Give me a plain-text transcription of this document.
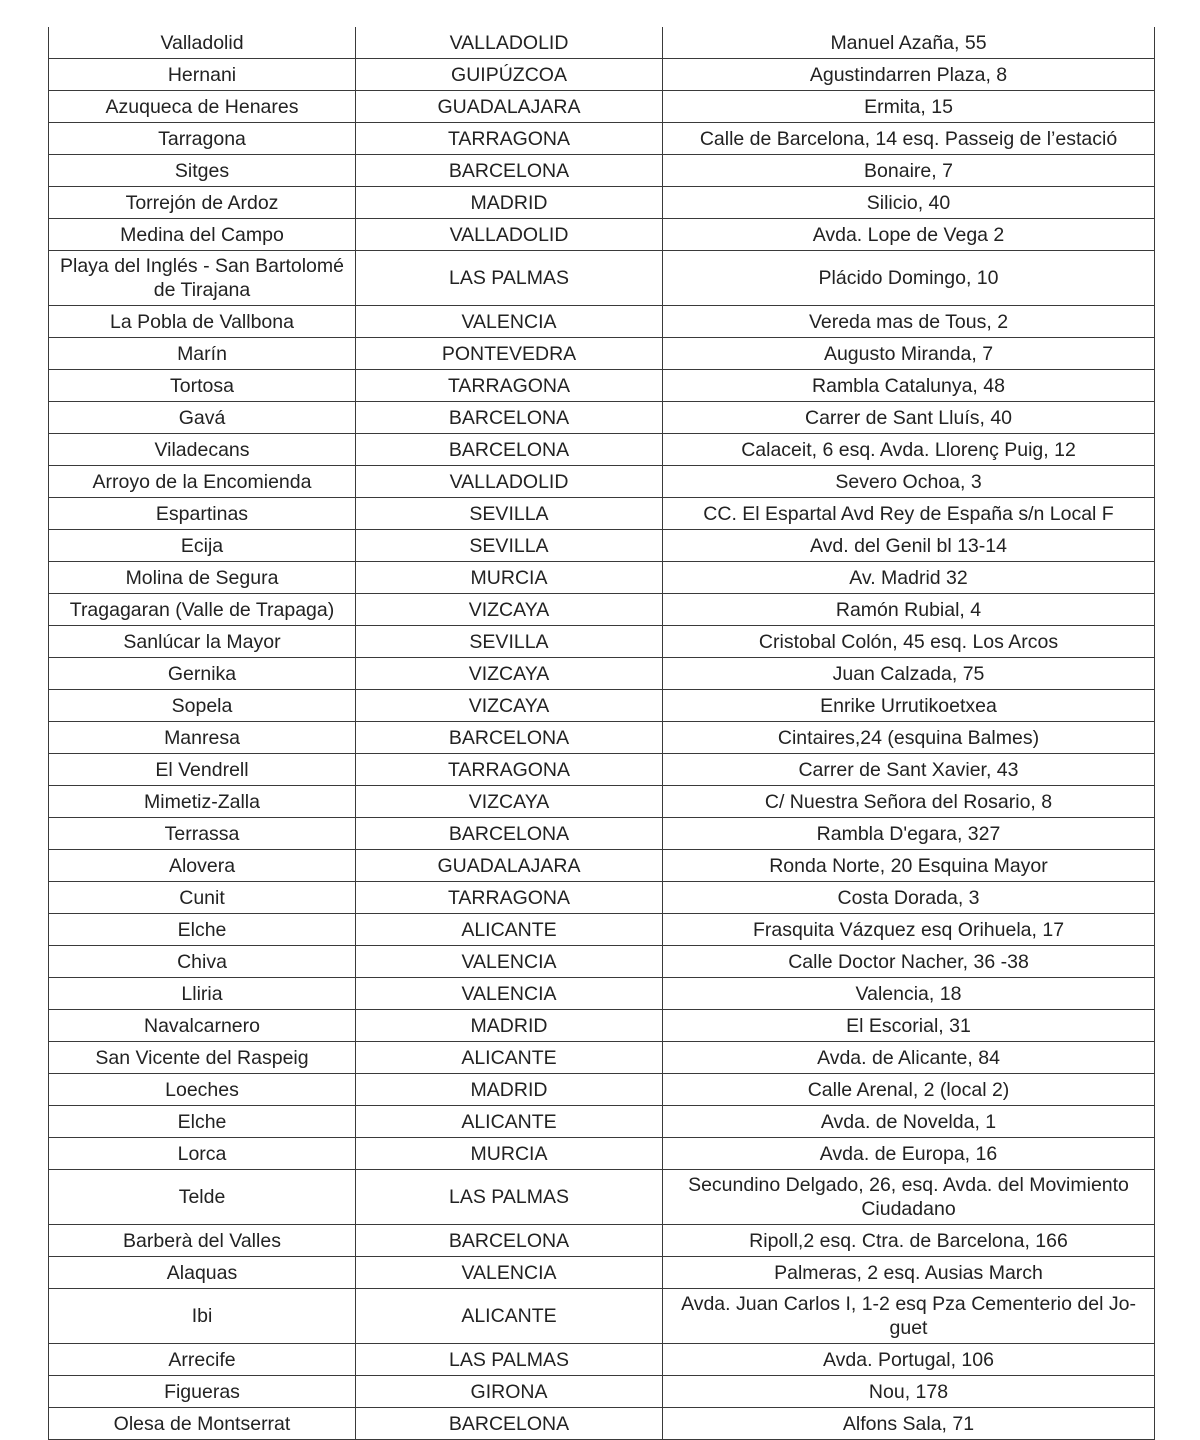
Valladolid	VALLADOLID	Manuel Azaña, 55
Hernani	GUIPÚZCOA	Agustindarren Plaza, 8
Azuqueca de Henares	GUADALAJARA	Ermita, 15
Tarragona	TARRAGONA	Calle de Barcelona, 14 esq. Passeig de l’estació
Sitges	BARCELONA	Bonaire, 7
Torrejón de Ardoz	MADRID	Silicio, 40
Medina del Campo	VALLADOLID	Avda. Lope de Vega 2
Playa del Inglés - San Bartolomé de Tirajana	LAS PALMAS	Plácido Domingo, 10
La Pobla de Vallbona	VALENCIA	Vereda mas de Tous, 2
Marín	PONTEVEDRA	Augusto Miranda, 7
Tortosa	TARRAGONA	Rambla Catalunya, 48
Gavá	BARCELONA	Carrer de Sant Lluís, 40
Viladecans	BARCELONA	Calaceit, 6 esq. Avda. Llorenç Puig, 12
Arroyo de la Encomienda	VALLADOLID	Severo Ochoa, 3
Espartinas	SEVILLA	CC. El Espartal Avd Rey de España s/n Local F
Ecija	SEVILLA	Avd. del Genil bl 13-14
Molina de Segura	MURCIA	Av. Madrid 32
Tragagaran (Valle de Trapaga)	VIZCAYA	Ramón Rubial, 4
Sanlúcar la Mayor	SEVILLA	Cristobal Colón, 45 esq. Los Arcos
Gernika	VIZCAYA	Juan Calzada, 75
Sopela	VIZCAYA	Enrike Urrutikoetxea
Manresa	BARCELONA	Cintaires,24 (esquina Balmes)
El Vendrell	TARRAGONA	Carrer de Sant Xavier, 43
Mimetiz-Zalla	VIZCAYA	C/ Nuestra Señora del Rosario, 8
Terrassa	BARCELONA	Rambla D'egara, 327
Alovera	GUADALAJARA	Ronda Norte, 20 Esquina Mayor
Cunit	TARRAGONA	Costa Dorada, 3
Elche	ALICANTE	Frasquita Vázquez esq Orihuela, 17
Chiva	VALENCIA	Calle Doctor Nacher, 36 -38
Lliria	VALENCIA	Valencia, 18
Navalcarnero	MADRID	El Escorial, 31
San Vicente del Raspeig	ALICANTE	Avda. de Alicante, 84
Loeches	MADRID	Calle Arenal, 2 (local 2)
Elche	ALICANTE	Avda. de Novelda, 1
Lorca	MURCIA	Avda. de Europa, 16
Telde	LAS PALMAS	Secundino Delgado, 26, esq. Avda. del Movimiento Ciudadano
Barberà del Valles	BARCELONA	Ripoll,2 esq. Ctra. de Barcelona, 166
Alaquas	VALENCIA	Palmeras, 2 esq. Ausias March
Ibi	ALICANTE	Avda. Juan Carlos I, 1-2 esq Pza Cementerio del Jo-guet
Arrecife	LAS PALMAS	Avda. Portugal, 106
Figueras	GIRONA	Nou, 178
Olesa de Montserrat	BARCELONA	Alfons Sala, 71
